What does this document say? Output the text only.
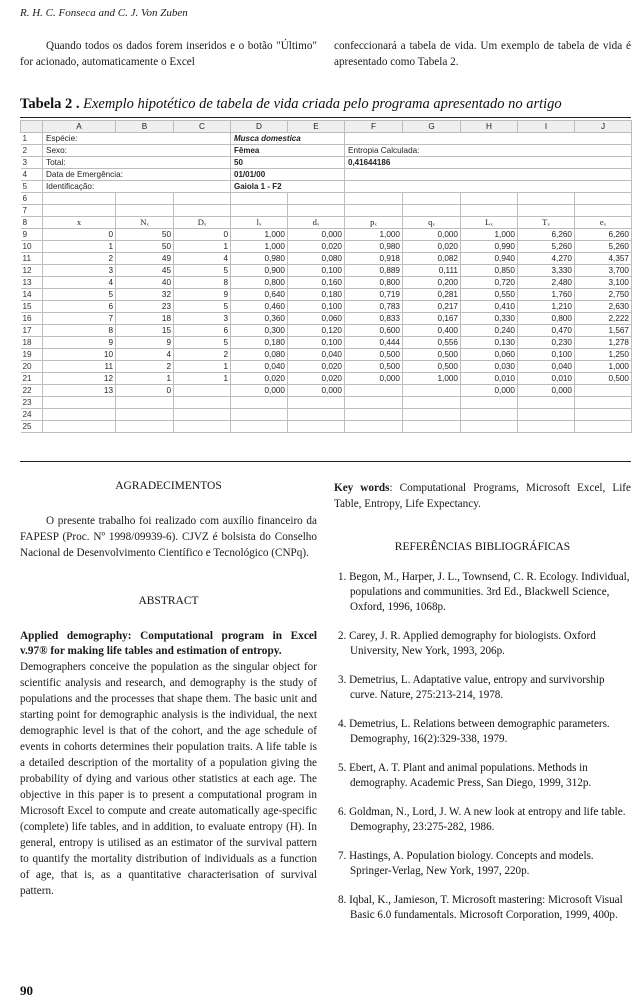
R. H. C. Fonseca and C. J. Von Zuben

Quando todos os dados forem inseridos e o botão "Último" for acionado, automaticamente o Excel

confeccionará a tabela de vida. Um exemplo de tabela de vida é apresentado como Tabela 2.

Tabela 2 . Exemplo hipotético de tabela de vida criada pelo programa apresentado no artigo
	A	B	C	D	E	F	G	H	I	J
1	Espécie:			Musca domestica						
2	Sexo:			Fêmea		Entropia Calculada:				
3	Total:			50		0,41644186				
4	Data de Emergência:			01/01/00						
5	Identificação:			Gaiola 1 - F2						
6										
7										
8	x	Nₓ	Dₓ	lₓ	dₓ	pₓ	qₓ	Lₓ	Tₓ	eₓ
9	0	50	0	1,000	0,000	1,000	0,000	1,000	6,260	6,260
10	1	50	1	1,000	0,020	0,980	0,020	0,990	5,260	5,260
11	2	49	4	0,980	0,080	0,918	0,082	0,940	4,270	4,357
12	3	45	5	0,900	0,100	0,889	0,111	0,850	3,330	3,700
13	4	40	8	0,800	0,160	0,800	0,200	0,720	2,480	3,100
14	5	32	9	0,640	0,180	0,719	0,281	0,550	1,760	2,750
15	6	23	5	0,460	0,100	0,783	0,217	0,410	1,210	2,630
16	7	18	3	0,360	0,060	0,833	0,167	0,330	0,800	2,222
17	8	15	6	0,300	0,120	0,600	0,400	0,240	0,470	1,567
18	9	9	5	0,180	0,100	0,444	0,556	0,130	0,230	1,278
19	10	4	2	0,080	0,040	0,500	0,500	0,060	0,100	1,250
20	11	2	1	0,040	0,020	0,500	0,500	0,030	0,040	1,000
21	12	1	1	0,020	0,020	0,000	1,000	0,010	0,010	0,500
22	13	0		0,000	0,000			0,000	0,000	
23										
24										
25										
AGRADECIMENTOS

O presente trabalho foi realizado com auxílio financeiro da FAPESP (Proc. Nº 1998/09939-6). CJVZ é bolsista do Conselho Nacional de Desenvolvimento Científico e Tecnológico (CNPq).

ABSTRACT

Applied demography: Computational program in Excel v.97® for making life tables and estimation of entropy.

Demographers conceive the population as the singular object for scientific analysis and research, and demography is the study of populations and the processes that shape them. The basic unit and starting point for demographic analysis is the individual, the next demographic level is that of the cohort, and the age schedule of events in cohorts determines their population traits. A life table is a detailed description of the mortality of a population giving the probability of dying and various other statistics at each age. The objective in this paper is to present a computational program in Microsoft Excel to compute and create automatically age-specific (complete) life tables, and in addition, to evaluate entropy (H). In general, entropy is utilised as an estimator of the survival pattern to quantify the mortality distribution of individuals as a function of age, that is, as a quantitative characterisation of survival pattern.

Key words: Computational Programs, Microsoft Excel, Life Table, Entropy, Life Expectancy.

REFERÊNCIAS BIBLIOGRÁFICAS

1. Begon, M., Harper, J. L., Townsend, C. R. Ecology. Individual, populations and communities. 3rd Ed., Blackwell Science, Oxford, 1996, 1068p.

2. Carey, J. R. Applied demography for biologists. Oxford University, New York, 1993, 206p.

3. Demetrius, L. Adaptative value, entropy and survivorship curve. Nature, 275:213-214, 1978.

4. Demetrius, L. Relations between demographic parameters. Demography, 16(2):329-338, 1979.

5. Ebert, A. T. Plant and animal populations. Methods in demography. Academic Press, San Diego, 1999, 312p.

6. Goldman, N., Lord, J. W. A new look at entropy and life table. Demography, 23:275-282, 1986.

7. Hastings, A. Population biology. Concepts and models. Springer-Verlag, New York, 1997, 220p.

8. Iqbal, K., Jamieson, T. Microsoft mastering: Microsoft Visual Basic 6.0 fundamentals. Microsoft Corporation, 1999, 400p.

90
